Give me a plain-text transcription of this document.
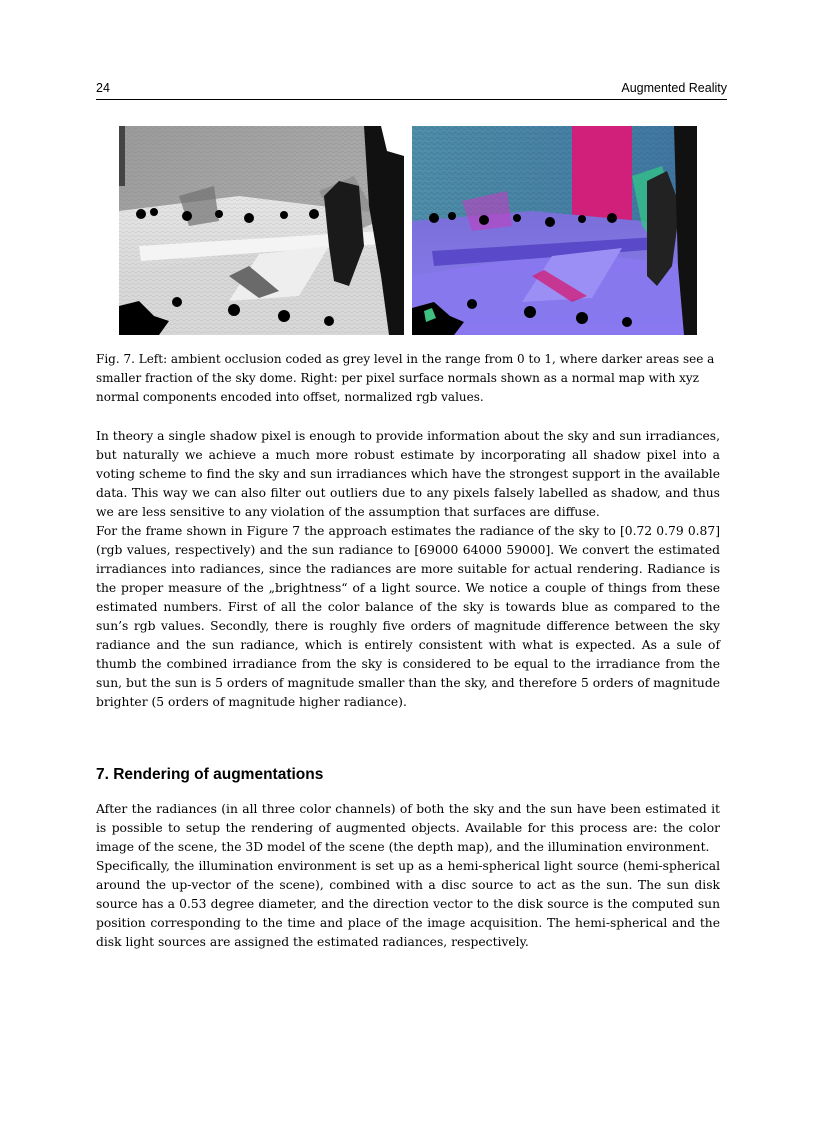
24	Augmented Reality
Fig. 7. Left: ambient occlusion coded as grey level in the range from 0 to 1, where darker areas see a smaller fraction of the sky dome. Right: per pixel surface normals shown as a normal map with xyz normal components encoded into offset, normalized rgb values.

In theory a single shadow pixel is enough to provide information about the sky and sun irradiances, but naturally we achieve a much more robust estimate by incorporating all shadow pixel into a voting scheme to find the sky and sun irradiances which have the strongest support in the available data. This way we can also filter out outliers due to any pixels falsely labelled as shadow, and thus we are less sensitive to any violation of the assumption that surfaces are diffuse.

For the frame shown in Figure 7 the approach estimates the radiance of the sky to [0.72 0.79 0.87] (rgb values, respectively) and the sun radiance to [69000 64000 59000]. We convert the estimated irradiances into radiances, since the radiances are more suitable for actual rendering. Radiance is the proper measure of the „brightness“ of a light source. We notice a couple of things from these estimated numbers. First of all the color balance of the sky is towards blue as compared to the sun’s rgb values. Secondly, there is roughly five orders of magnitude difference between the sky radiance and the sun radiance, which is entirely consistent with what is expected. As a sule of thumb the combined irradiance from the sky is considered to be equal to the irradiance from the sun, but the sun is 5 orders of magnitude smaller than the sky, and therefore 5 orders of magnitude brighter (5 orders of magnitude higher radiance).

7. Rendering of augmentations

After the radiances (in all three color channels) of both the sky and the sun have been estimated it is possible to setup the rendering of augmented objects. Available for this process are: the color image of the scene, the 3D model of the scene (the depth map), and the illumination environment.

Specifically, the illumination environment is set up as a hemi-spherical light source (hemi-spherical around the up-vector of the scene), combined with a disc source to act as the sun. The sun disk source has a 0.53 degree diameter, and the direction vector to the disk source is the computed sun position corresponding to the time and place of the image acquisition. The hemi-spherical and the disk light sources are assigned the estimated radiances, respectively.
